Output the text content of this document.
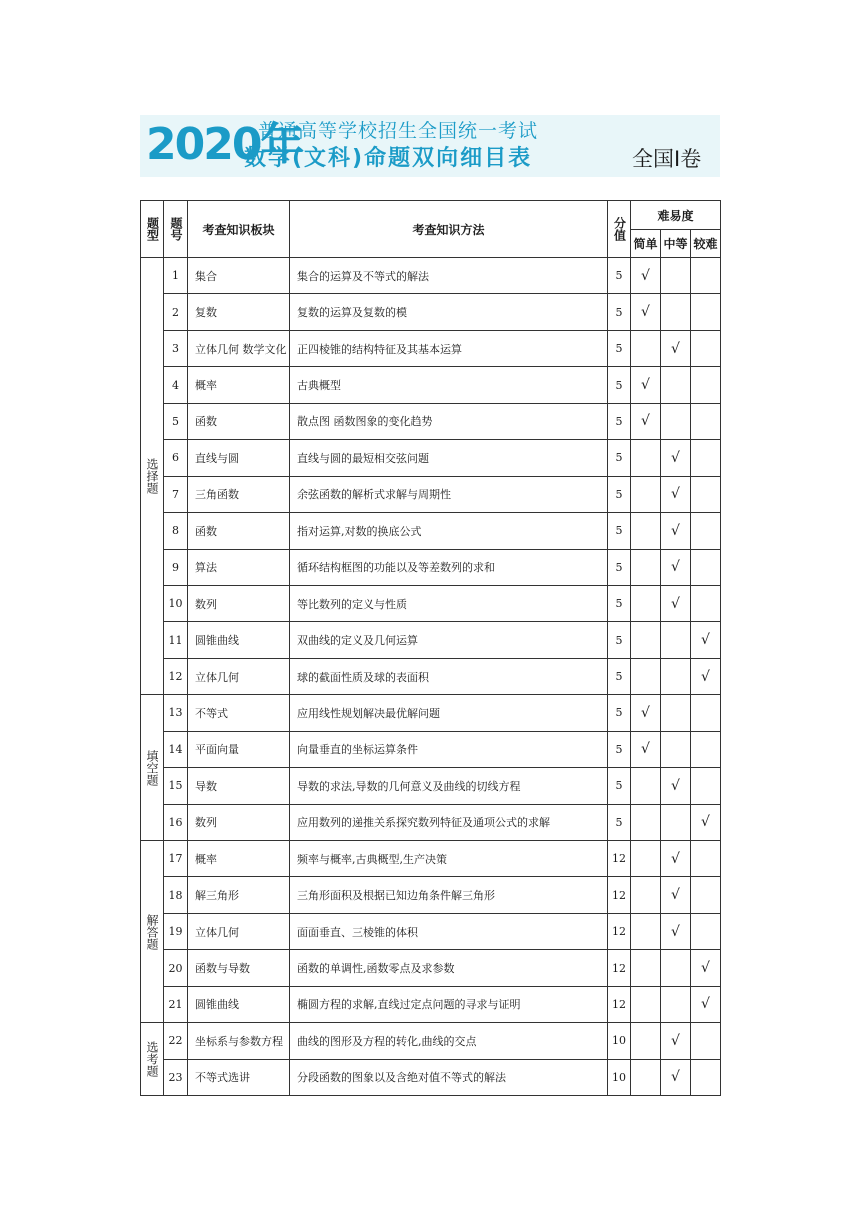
2020年
普通高等学校招生全国统一考试
数学(文科)命题双向细目表	全国Ⅰ卷
题型	题号	考查知识板块	考查知识方法	分值	难易度		
					简单	中等	较难
选择题	1	集合	集合的运算及不等式的解法	5	√		
	2	复数	复数的运算及复数的模	5	√		
	3	立体几何 数学文化	正四棱锥的结构特征及其基本运算	5		√	
	4	概率	古典概型	5	√		
	5	函数	散点图 函数图象的变化趋势	5	√		
	6	直线与圆	直线与圆的最短相交弦问题	5		√	
	7	三角函数	余弦函数的解析式求解与周期性	5		√	
	8	函数	指对运算,对数的换底公式	5		√	
	9	算法	循环结构框图的功能以及等差数列的求和	5		√	
	10	数列	等比数列的定义与性质	5		√	
	11	圆锥曲线	双曲线的定义及几何运算	5			√
	12	立体几何	球的截面性质及球的表面积	5			√
填空题	13	不等式	应用线性规划解决最优解问题	5	√		
	14	平面向量	向量垂直的坐标运算条件	5	√		
	15	导数	导数的求法,导数的几何意义及曲线的切线方程	5		√	
	16	数列	应用数列的递推关系探究数列特征及通项公式的求解	5			√
解答题	17	概率	频率与概率,古典概型,生产决策	12		√	
	18	解三角形	三角形面积及根据已知边角条件解三角形	12		√	
	19	立体几何	面面垂直、三棱锥的体积	12		√	
	20	函数与导数	函数的单调性,函数零点及求参数	12			√
	21	圆锥曲线	椭圆方程的求解,直线过定点问题的寻求与证明	12			√
选考题	22	坐标系与参数方程	曲线的图形及方程的转化,曲线的交点	10		√	
	23	不等式选讲	分段函数的图象以及含绝对值不等式的解法	10		√	
